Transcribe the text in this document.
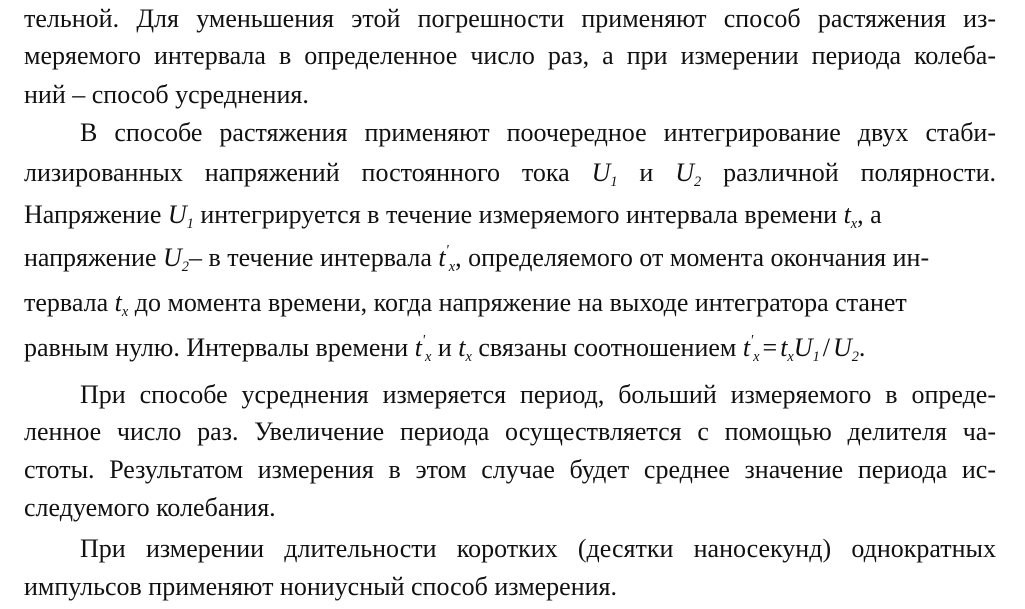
тельной. Для уменьшения этой погрешности применяют способ растяжения из-
меряемого интервала в определенное число раз, а при измерении периода колеба-
ний – способ усреднения.
В способе растяжения применяют поочередное интегрирование двух стаби-
лизированных напряжений постоянного тока $U_1$ и $U_2$ различной полярности.
Напряжение $U_1$ интегрируется в течение измеряемого интервала времени $t_x$, а
напряжение $U_2-$ в течение интервала $t'_x$, определяемого от момента окончания ин-
тервала $t_x$ до момента времени, когда напряжение на выходе интегратора станет
равным нулю. Интервалы времени $t'_x$ и $t_x$ связаны соотношением $t'_x = t_xU_1 / U_2$.
При способе усреднения измеряется период, больший измеряемого в опреде-
ленное число раз. Увеличение периода осуществляется с помощью делителя ча-
стоты. Результатом измерения в этом случае будет среднее значение периода ис-
следуемого колебания.
При измерении длительности коротких (десятки наносекунд) однократных
импульсов применяют нониусный способ измерения.
